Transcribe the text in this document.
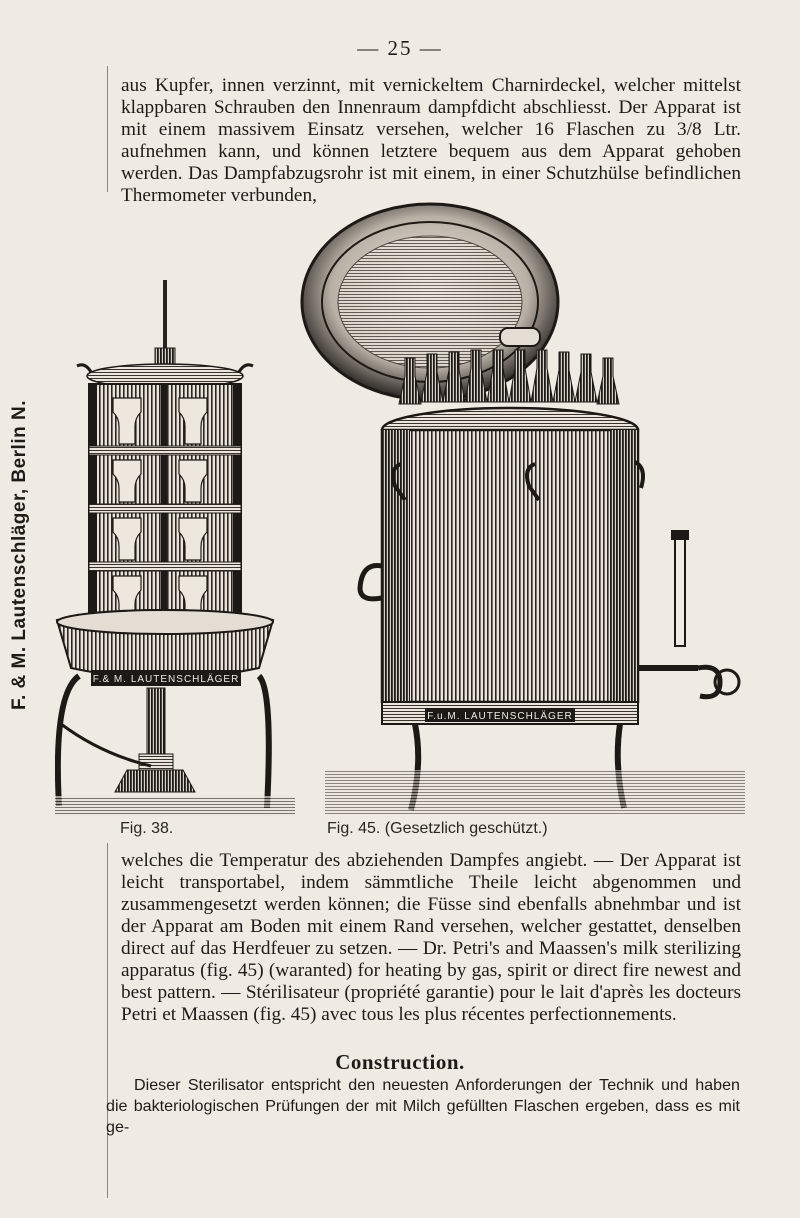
— 25 —
F. & M. Lautenschläger, Berlin N.

aus Kupfer, innen verzinnt, mit vernickeltem Charnirdeckel, welcher mittelst klappbaren Schrauben den Innenraum dampfdicht abschliesst. Der Apparat ist mit einem massivem Einsatz versehen, welcher 16 Flaschen zu 3/8 Ltr. aufnehmen kann, und können letztere bequem aus dem Apparat gehoben werden. Das Dampfabzugsrohr ist mit einem, in einer Schutzhülse befindlichen Thermometer verbunden,

F.& M. LAUTENSCHLÄGER
F.u.M. LAUTENSCHLÄGER
Fig. 38.	Fig. 45. (Gesetzlich geschützt.)

welches die Temperatur des abziehenden Dampfes angiebt. — Der Apparat ist leicht transportabel, indem sämmtliche Theile leicht abgenommen und zusammengesetzt werden können; die Füsse sind ebenfalls abnehmbar und ist der Apparat am Boden mit einem Rand versehen, welcher gestattet, denselben direct auf das Herdfeuer zu setzen. — Dr. Petri's and Maassen's milk sterilizing apparatus (fig. 45) (waranted) for heating by gas, spirit or direct fire newest and best pattern. — Stérilisateur (propriété garantie) pour le lait d'après les docteurs Petri et Maassen (fig. 45) avec tous les plus récentes perfectionnements.

Construction.

Dieser Sterilisator entspricht den neuesten Anforderungen der Technik und haben die bakteriologischen Prüfungen der mit Milch gefüllten Flaschen ergeben, dass es mit ge-
